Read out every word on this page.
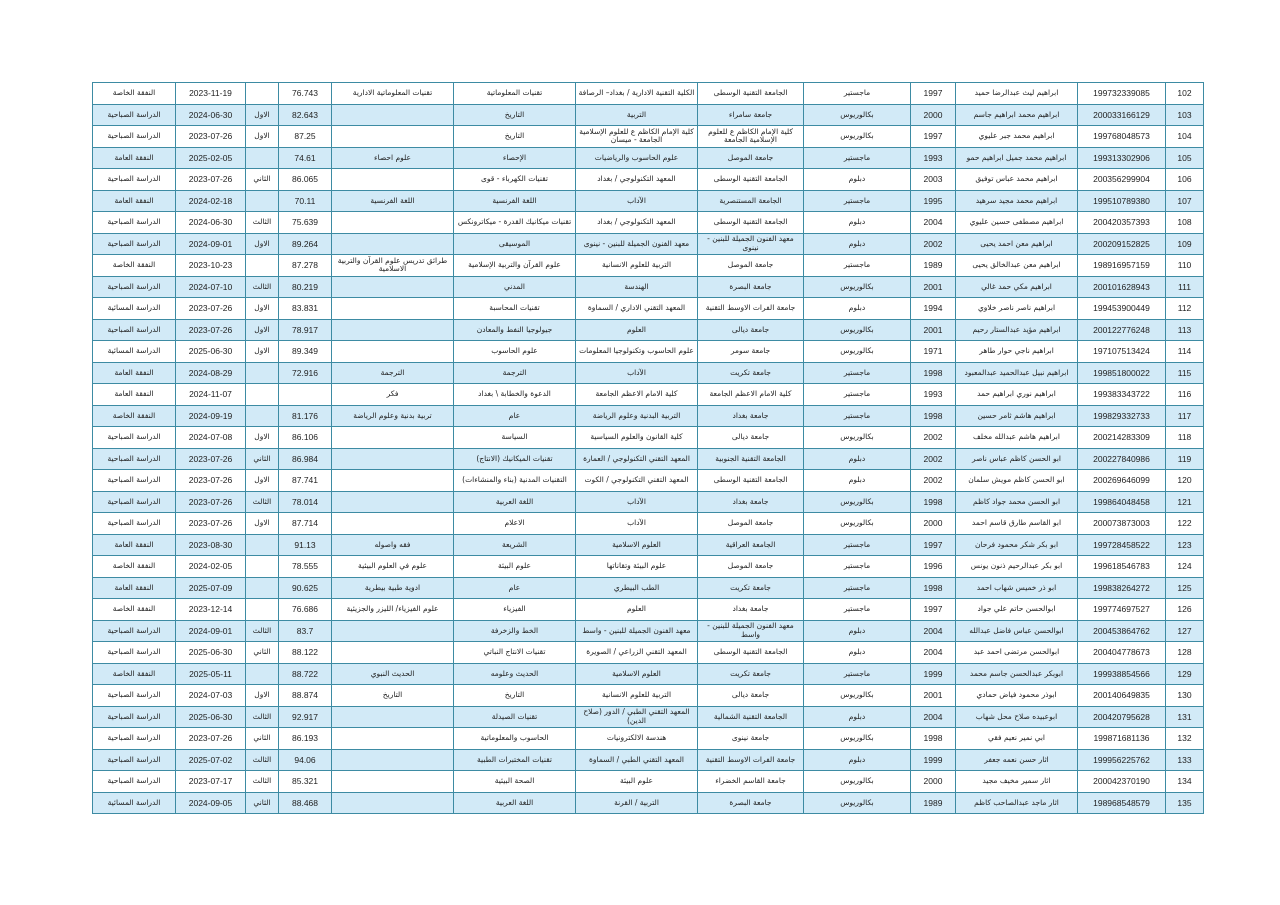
102	199732339085	ابراهيم ليث عبدالرضا حميد	1997	ماجستير	الجامعة التقنية الوسطى	الكلية التقنية الادارية / بغداد– الرصافة	تقنيات المعلوماتية	تقنيات المعلوماتية الادارية	76.743		2023-11-19	النفقة الخاصة
103	200033166129	ابراهيم محمد ابراهيم جاسم	2000	بكالوريوس	جامعة سامراء	التربية	التاريخ		82.643	الاول	2024-06-30	الدراسة الصباحية
104	199768048573	ابراهيم محمد جبر عليوي	1997	بكالوريوس	كلية الإمام الكاظم ع للعلوم الإسلامية الجامعة	كلية الإمام الكاظم ع للعلوم الإسلامية الجامعة - ميسان	التاريخ		87.25	الاول	2023-07-26	الدراسة الصباحية
105	199313302906	ابراهيم محمد جميل ابراهيم حمو	1993	ماجستير	جامعة الموصل	علوم الحاسوب والرياضيات	الإحصاء	علوم احصاء	74.61		2025-02-05	النفقة العامة
106	200356299904	ابراهيم محمد عباس توفيق	2003	دبلوم	الجامعة التقنية الوسطى	المعهد التكنولوجي / بغداد	تقنيات الكهرباء - قوى		86.065	الثاني	2023-07-26	الدراسة الصباحية
107	199510789380	ابراهيم محمد مجيد سرهيد	1995	ماجستير	الجامعة المستنصرية	الآداب	اللغة الفرنسية	اللغة الفرنسية	70.11		2024-02-18	النفقة العامة
108	200420357393	ابراهيم مصطفى حسين عليوي	2004	دبلوم	الجامعة التقنية الوسطى	المعهد التكنولوجي / بغداد	تقنيات ميكانيك القدرة - ميكاترونكس		75.639	الثالث	2024-06-30	الدراسة الصباحية
109	200209152825	ابراهيم معن احمد يحيى	2002	دبلوم	معهد الفنون الجميلة للبنين - نينوى	معهد الفنون الجميلة للبنين - نينوى	الموسيقى		89.264	الاول	2024-09-01	الدراسة الصباحية
110	198916957159	ابراهيم معن عبدالخالق يحيى	1989	ماجستير	جامعة الموصل	التربية للعلوم الانسانية	علوم القرآن والتربية الإسلامية	طرائق تدريس علوم القرآن والتربية الاسلامية	87.278		2023-10-23	النفقة الخاصة
111	200101628943	ابراهيم مكي حمد غالي	2001	بكالوريوس	جامعة البصرة	الهندسة	المدني		80.219	الثالث	2024-07-10	الدراسة الصباحية
112	199453900449	ابراهيم ناصر ناصر خلاوي	1994	دبلوم	جامعة الفرات الاوسط التقنية	المعهد التقني الاداري / السماوة	تقنيات المحاسبة		83.831	الاول	2023-07-26	الدراسة المسائية
113	200122776248	ابراهيم مؤيد عبدالستار رحيم	2001	بكالوريوس	جامعة ديالى	العلوم	جيولوجيا النفط والمعادن		78.917	الاول	2023-07-26	الدراسة الصباحية
114	197107513424	ابراهيم ناجي حوار طاهر	1971	بكالوريوس	جامعة سومر	علوم الحاسوب وتكنولوجيا المعلومات	علوم الحاسوب		89.349	الاول	2025-06-30	الدراسة المسائية
115	199851800022	ابراهيم نبيل عبدالحميد عبدالمعبود	1998	ماجستير	جامعة تكريت	الآداب	الترجمة	الترجمة	72.916		2024-08-29	النفقة العامة
116	199383343722	ابراهيم نوري ابراهيم حمد	1993	ماجستير	كلية الامام الاعظم الجامعة	كلية الامام الاعظم الجامعة	الدعوة والخطابة \ بغداد	فكر			2024-11-07	النفقة العامة
117	199829332733	ابراهيم هاشم ثامر حسين	1998	ماجستير	جامعة بغداد	التربية البدنية وعلوم الرياضة	عام	تربية بدنية وعلوم الرياضة	81.176		2024-09-19	النفقة الخاصة
118	200214283309	ابراهيم هاشم عبدالله مخلف	2002	بكالوريوس	جامعة ديالى	كلية القانون والعلوم السياسية	السياسة		86.106	الاول	2024-07-08	الدراسة الصباحية
119	200227840986	ابو الحسن كاظم عباس ناصر	2002	دبلوم	الجامعة التقنية الجنوبية	المعهد التقني التكنولوجي / العمارة	تقنيات الميكانيك (الانتاج)		86.984	الثاني	2023-07-26	الدراسة الصباحية
120	200269646099	ابو الحسن كاظم مويش سلمان	2002	دبلوم	الجامعة التقنية الوسطى	المعهد التقني التكنولوجي / الكوت	التقنيات المدنية (بناء والمنشاءات)		87.741	الاول	2023-07-26	الدراسة الصباحية
121	199864048458	ابو الحسن محمد جواد كاظم	1998	بكالوريوس	جامعة بغداد	الآداب	اللغة العربية		78.014	الثالث	2023-07-26	الدراسة الصباحية
122	200073873003	ابو القاسم طارق قاسم احمد	2000	بكالوريوس	جامعة الموصل	الآداب	الاعلام		87.714	الاول	2023-07-26	الدراسة الصباحية
123	199728458522	ابو بكر شكر محمود فرحان	1997	ماجستير	الجامعة العراقية	العلوم الاسلامية	الشريعة	فقه واصوله	91.13		2023-08-30	النفقة العامة
124	199618546783	ابو بكر عبدالرحيم ذنون يونس	1996	ماجستير	جامعة الموصل	علوم البيئة وتقاناتها	علوم البيئة	علوم في العلوم البيئية	78.555		2024-02-05	النفقة الخاصة
125	199838264272	ابو ذر خميس شهاب احمد	1998	ماجستير	جامعة تكريت	الطب البيطري	عام	ادوية طبية بيطرية	90.625		2025-07-09	النفقة العامة
126	199774697527	ابوالحسن حاتم علي جواد	1997	ماجستير	جامعة بغداد	العلوم	الفيزياء	علوم الفيزياء/ الليزر والجزيئية	76.686		2023-12-14	النفقة الخاصة
127	200453864762	ابوالحسن عباس فاضل عبدالله	2004	دبلوم	معهد الفنون الجميلة للبنين - واسط	معهد الفنون الجميلة للبنين - واسط	الخط والزخرفة		83.7	الثالث	2024-09-01	الدراسة الصباحية
128	200404778673	ابوالحسن مرتضى احمد عبد	2004	دبلوم	الجامعة التقنية الوسطى	المعهد التقني الزراعي / الصويرة	تقنيات الانتاج النباتي		88.122	الثاني	2025-06-30	الدراسة الصباحية
129	199938854566	ابوبكر عبدالحسن جاسم محمد	1999	ماجستير	جامعة تكريت	العلوم الاسلامية	الحديث وعلومه	الحديث النبوي	88.722		2025-05-11	النفقة الخاصة
130	200140649835	ابوذر محمود فياض حمادي	2001	بكالوريوس	جامعة ديالى	التربية للعلوم الانسانية	التاريخ	التاريخ	88.874	الاول	2024-07-03	الدراسة الصباحية
131	200420795628	ابوعبيده صلاح محل شهاب	2004	دبلوم	الجامعة التقنية الشمالية	المعهد التقني الطبي / الدور (صلاح الدين)	تقنيات الصيدلة		92.917	الثالث	2025-06-30	الدراسة الصباحية
132	199871681136	ابي نمير نعيم فقي	1998	بكالوريوس	جامعة نينوى	هندسة الالكترونيات	الحاسوب والمعلوماتية		86.193	الثاني	2023-07-26	الدراسة الصباحية
133	199956225762	اثار حسن نعمه جعفر	1999	دبلوم	جامعة الفرات الاوسط التقنية	المعهد التقني الطبي / السماوة	تقنيات المختبرات الطبية		94.06	الثالث	2025-07-02	الدراسة الصباحية
134	200042370190	اثار سمير مخيف مجيد	2000	بكالوريوس	جامعة القاسم الخضراء	علوم البيئة	الصحة البيئية		85.321	الثالث	2023-07-17	الدراسة الصباحية
135	198968548579	اثار ماجد عبدالصاحب كاظم	1989	بكالوريوس	جامعة البصرة	التربية / القرنة	اللغة العربية		88.468	الثاني	2024-09-05	الدراسة المسائية
